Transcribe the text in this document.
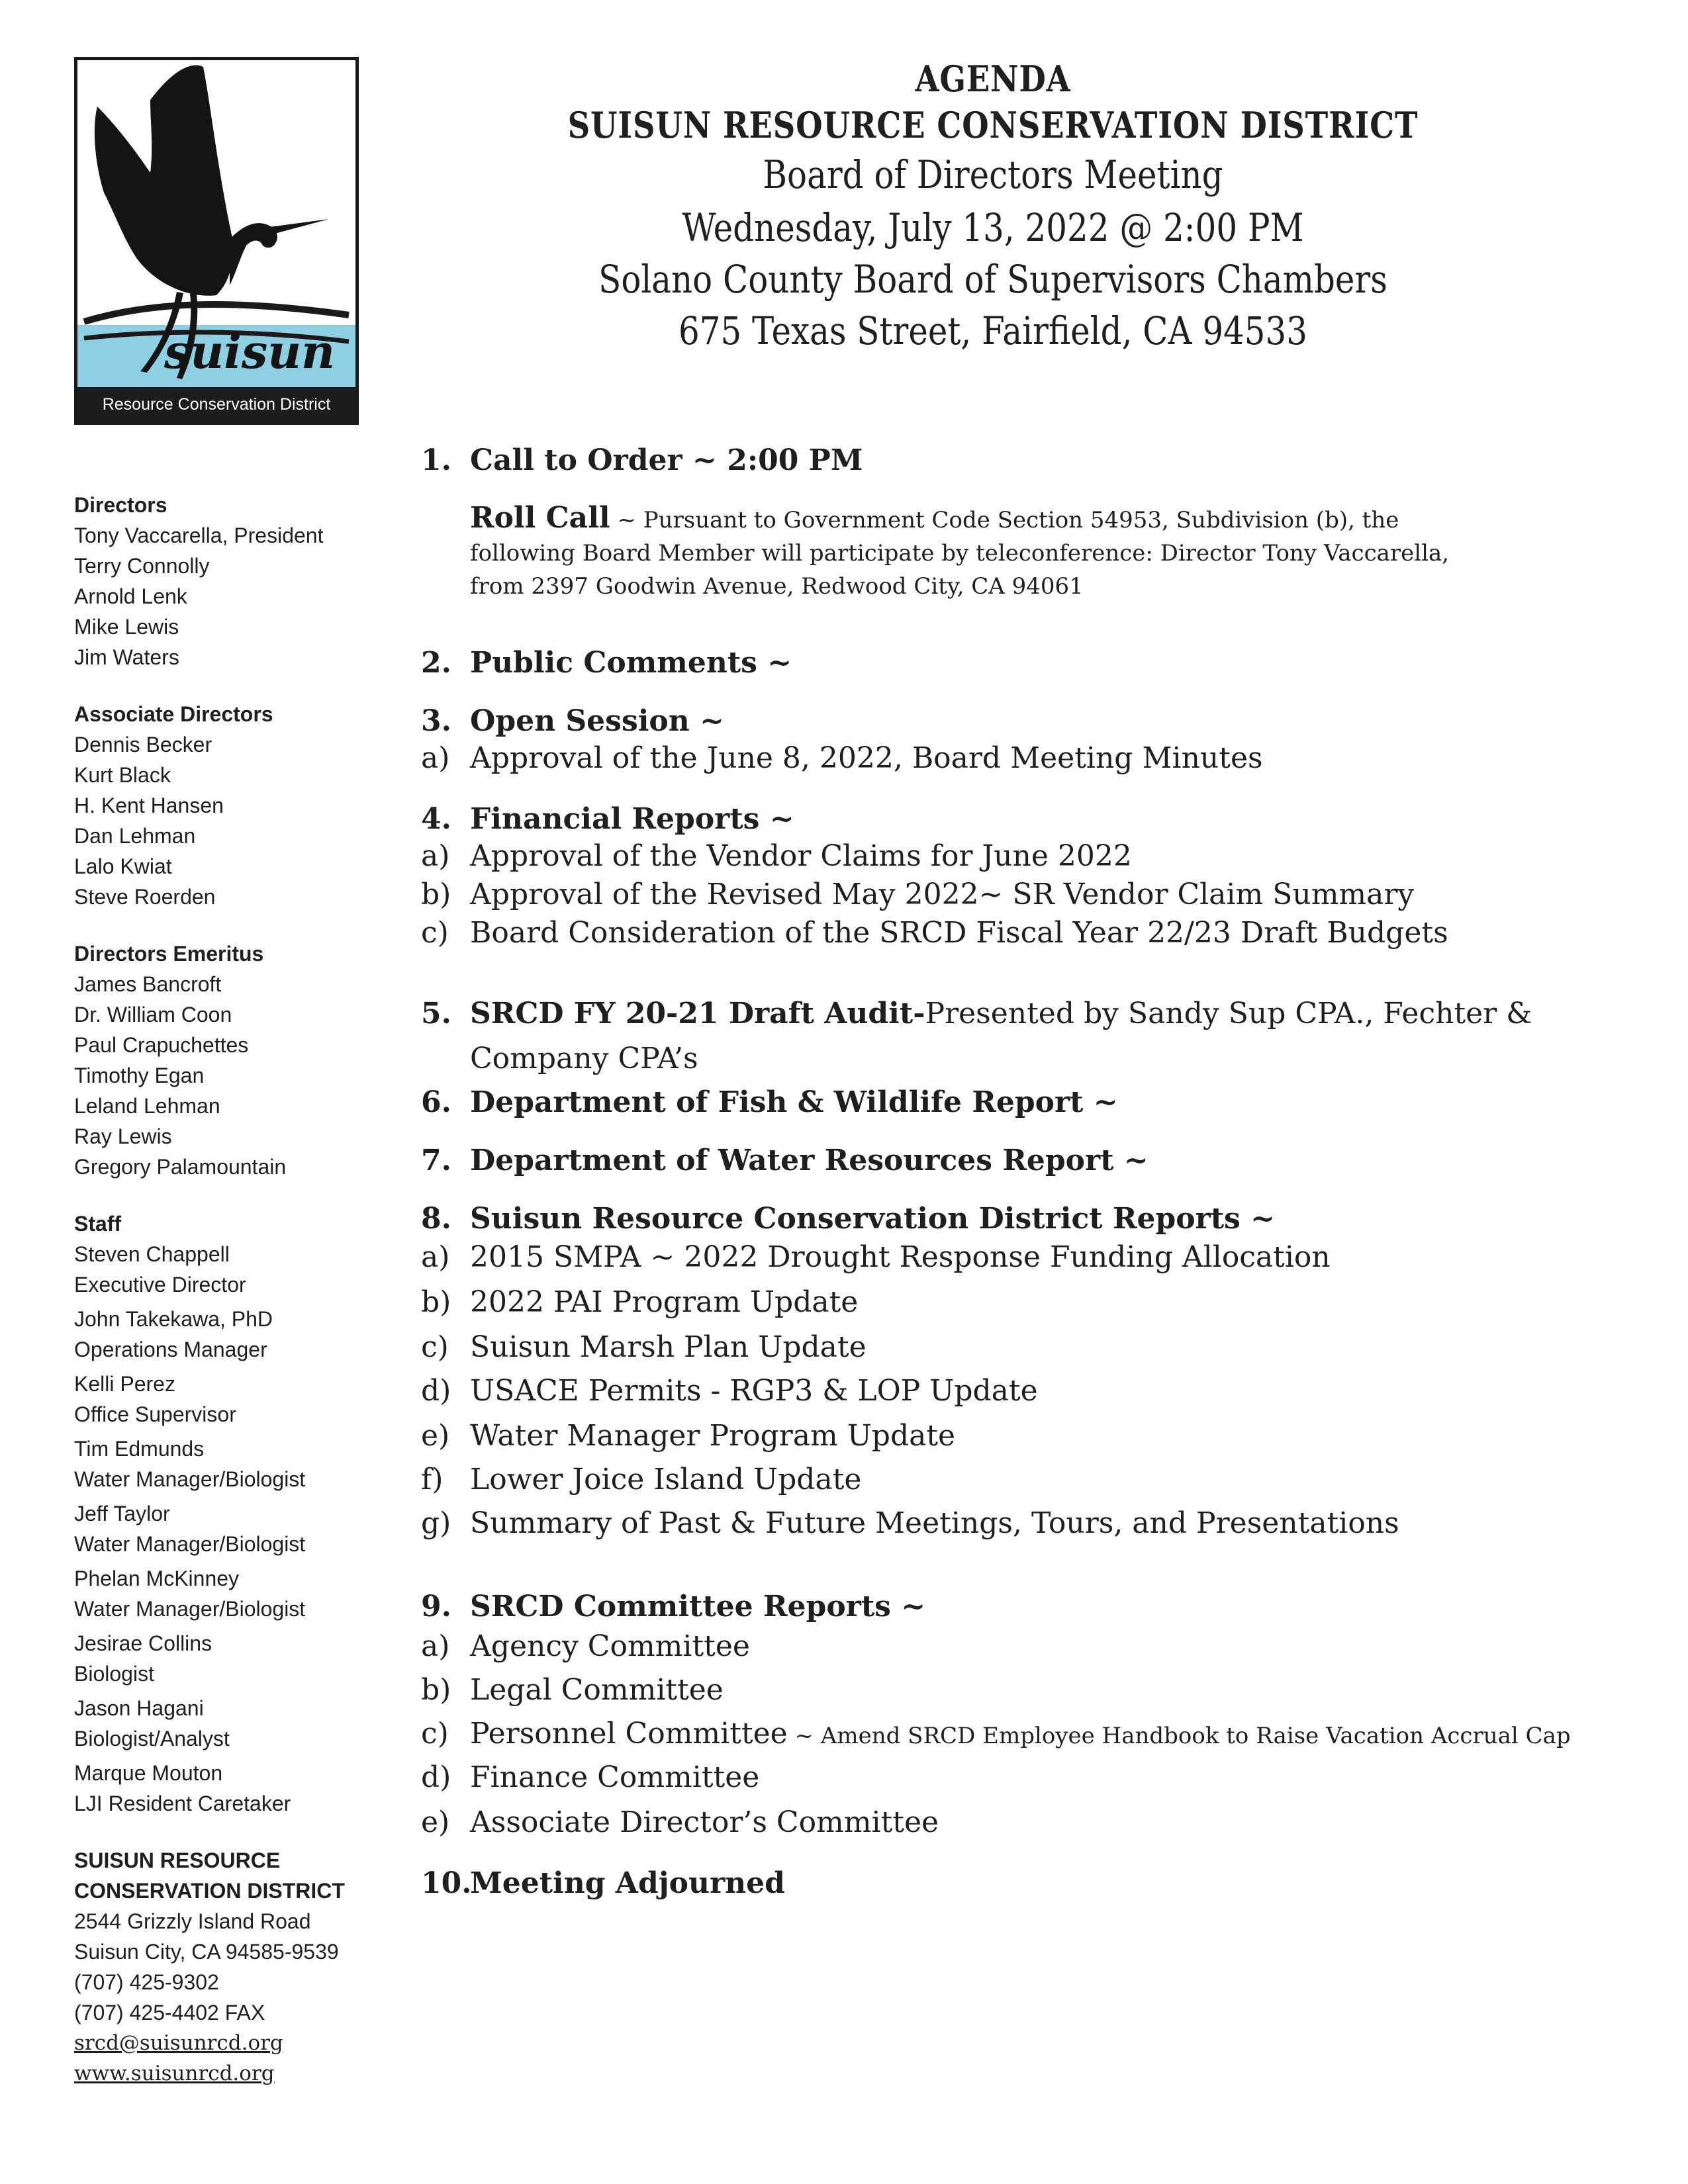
suisun
Resource Conservation District
AGENDA
SUISUN RESOURCE CONSERVATION DISTRICT
Board of Directors Meeting
Wednesday, July 13, 2022 @ 2:00 PM
Solano County Board of Supervisors Chambers
675 Texas Street, Fairfield, CA 94533
Directors
Tony Vaccarella, President
Terry Connolly
Arnold Lenk
Mike Lewis
Jim Waters
Associate Directors
Dennis Becker
Kurt Black
H. Kent Hansen
Dan Lehman
Lalo Kwiat
Steve Roerden
Directors Emeritus
James Bancroft
Dr. William Coon
Paul Crapuchettes
Timothy Egan
Leland Lehman
Ray Lewis
Gregory Palamountain
Staff
Steven Chappell
Executive Director
John Takekawa, PhD
Operations Manager
Kelli Perez
Office Supervisor
Tim Edmunds
Water Manager/Biologist
Jeff Taylor
Water Manager/Biologist
Phelan McKinney
Water Manager/Biologist
Jesirae Collins
Biologist
Jason Hagani
Biologist/Analyst
Marque Mouton
LJI Resident Caretaker
SUISUN RESOURCE
CONSERVATION DISTRICT
2544 Grizzly Island Road
Suisun City, CA 94585-9539
(707) 425-9302
(707) 425-4402 FAX
srcd@suisunrcd.org
www.suisunrcd.org
1. Call to Order ~ 2:00 PM
Roll Call ~ Pursuant to Government Code Section 54953, Subdivision (b), the following Board Member will participate by teleconference: Director Tony Vaccarella, from 2397 Goodwin Avenue, Redwood City, CA 94061
2. Public Comments ~
3. Open Session ~
a) Approval of the June 8, 2022, Board Meeting Minutes
4. Financial Reports ~
a) Approval of the Vendor Claims for June 2022
b) Approval of the Revised May 2022~ SR Vendor Claim Summary
c) Board Consideration of the SRCD Fiscal Year 22/23 Draft Budgets
5. SRCD FY 20-21 Draft Audit-Presented by Sandy Sup CPA., Fechter &
Company CPA’s
6. Department of Fish & Wildlife Report ~
7. Department of Water Resources Report ~
8. Suisun Resource Conservation District Reports ~
a) 2015 SMPA ~ 2022 Drought Response Funding Allocation
b) 2022 PAI Program Update
c) Suisun Marsh Plan Update
d) USACE Permits - RGP3 & LOP Update
e) Water Manager Program Update
f) Lower Joice Island Update
g) Summary of Past & Future Meetings, Tours, and Presentations
9. SRCD Committee Reports ~
a) Agency Committee
b) Legal Committee
c) Personnel Committee ~ Amend SRCD Employee Handbook to Raise Vacation Accrual Cap
d) Finance Committee
e) Associate Director’s Committee
10.Meeting Adjourned
